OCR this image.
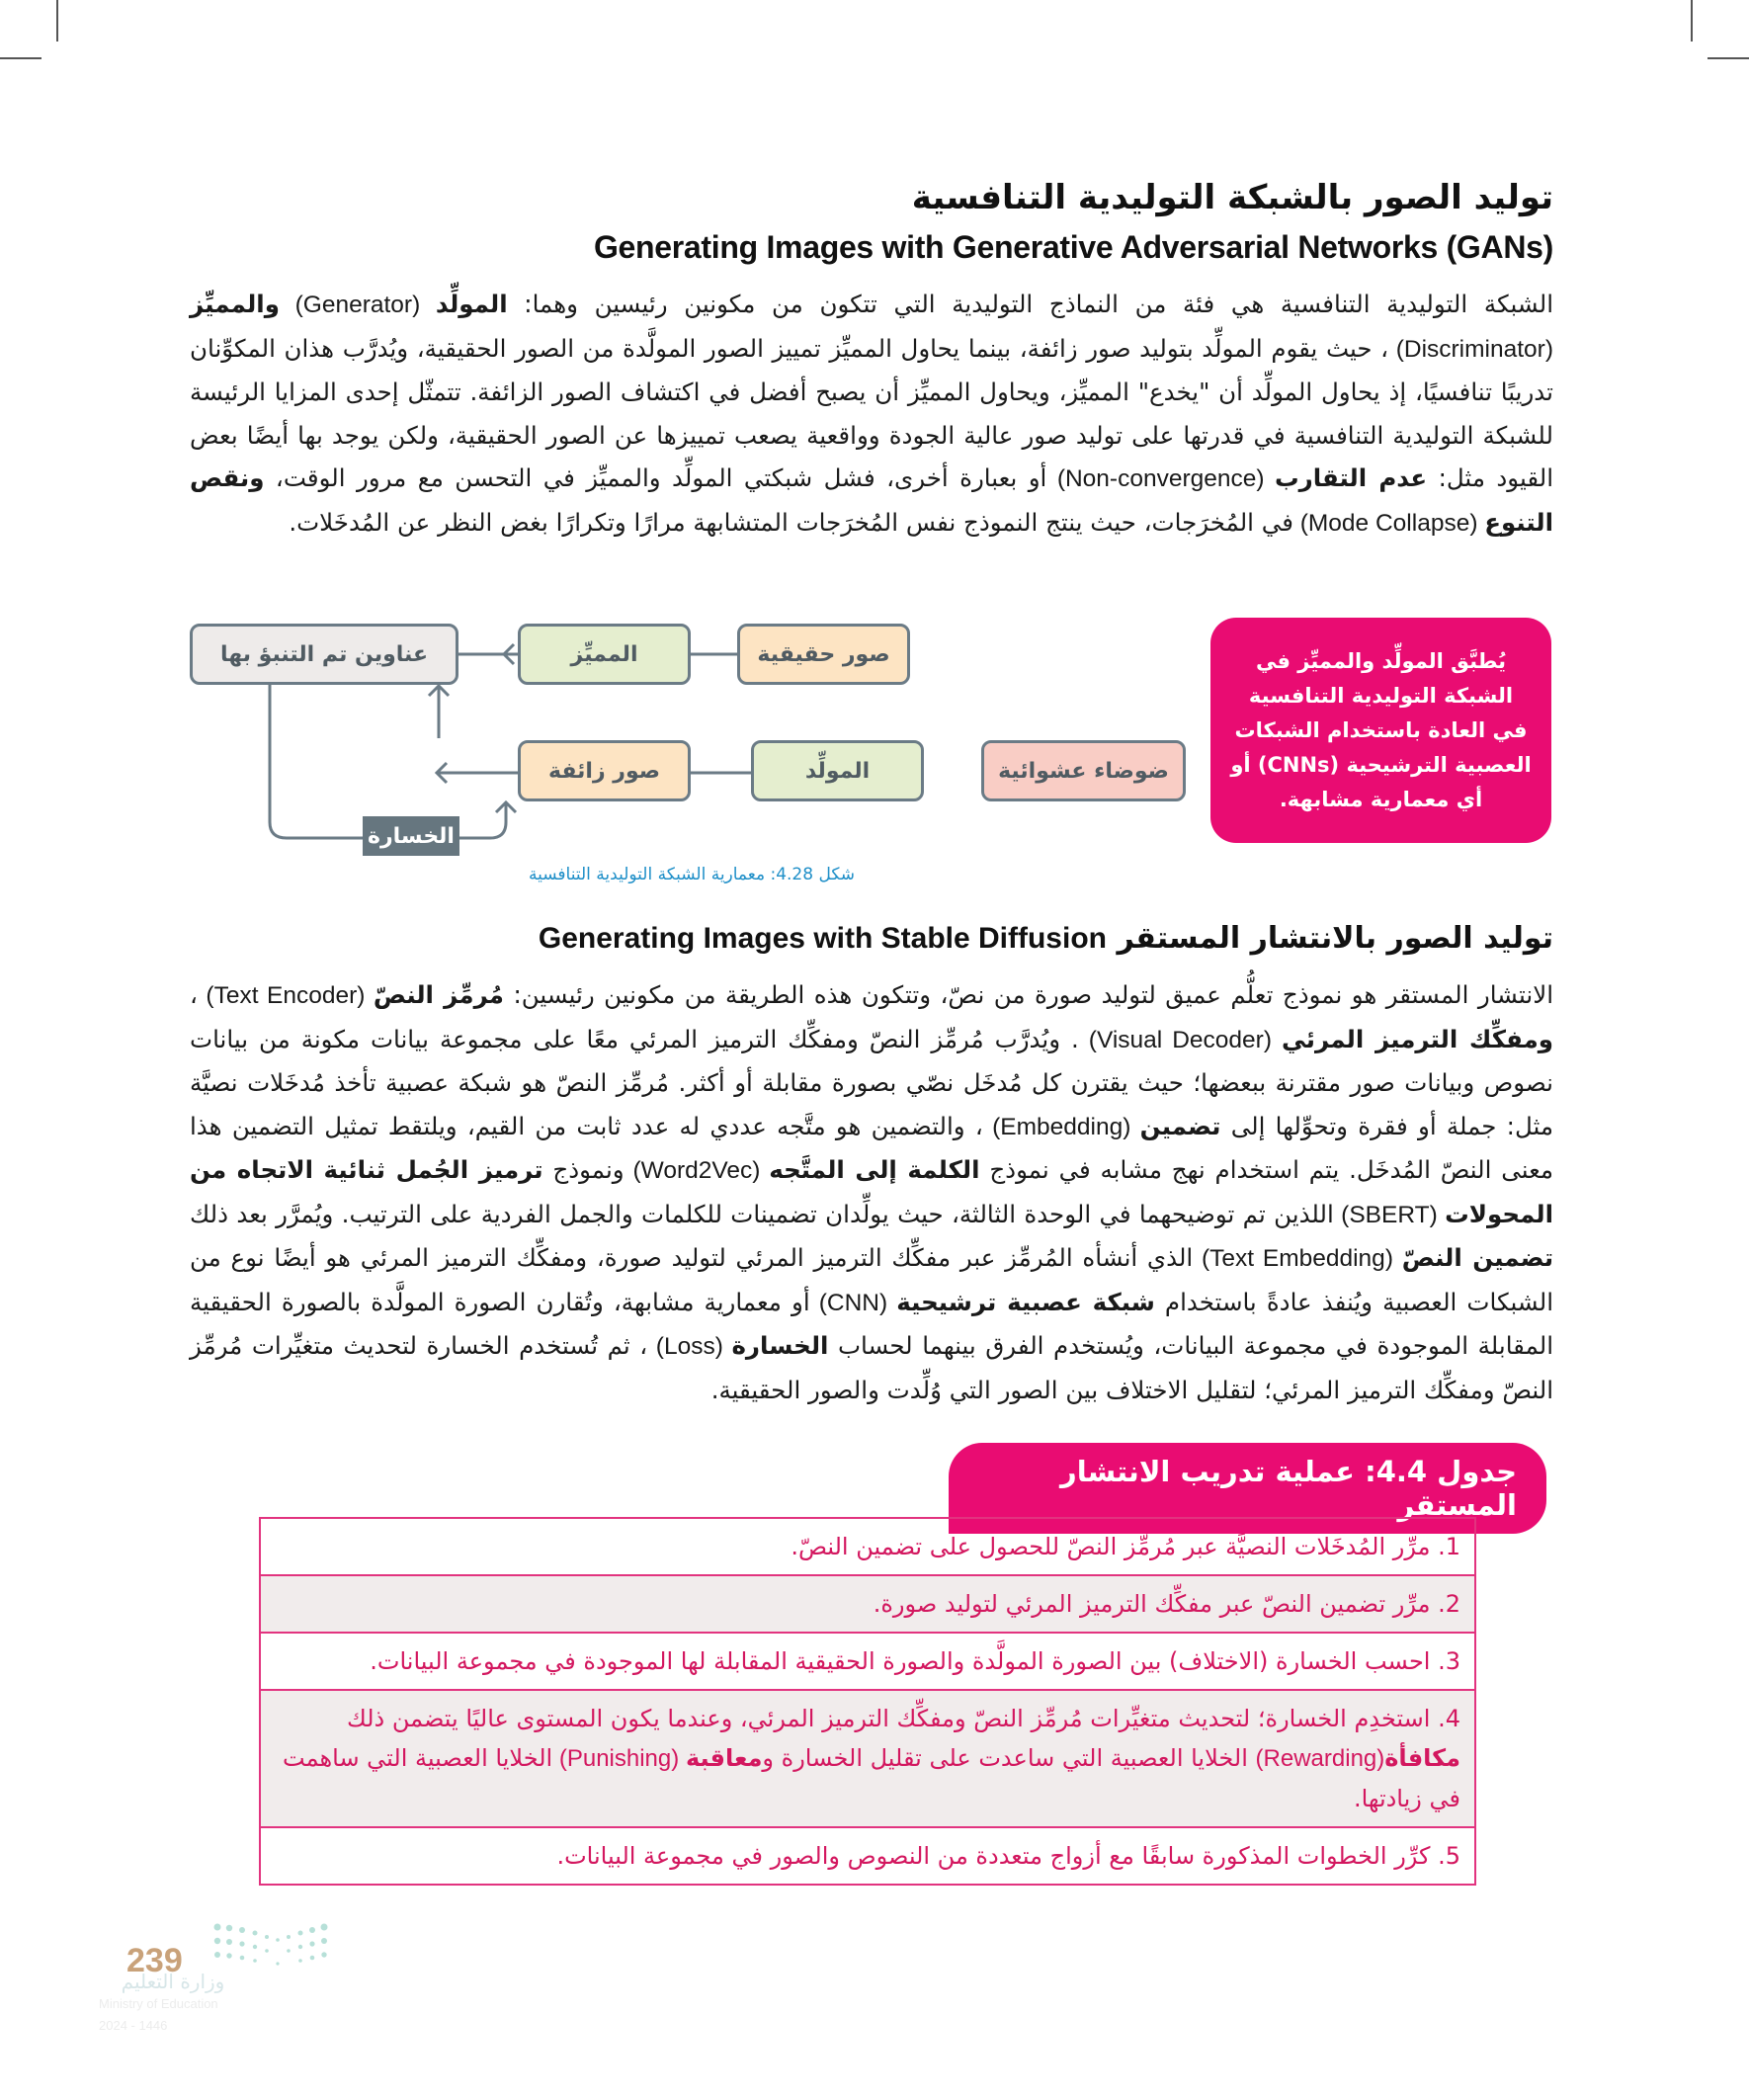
توليد الصور بالشبكة التوليدية التنافسية
Generating Images with Generative Adversarial Networks (GANs)
الشبكة التوليدية التنافسية هي فئة من النماذج التوليدية التي تتكون من مكونين رئيسين وهما: المولِّد (Generator) والمميِّز (Discriminator) ، حيث يقوم المولِّد بتوليد صور زائفة، بينما يحاول المميِّز تمييز الصور المولَّدة من الصور الحقيقية، ويُدرَّب هذان المكوِّنان تدريبًا تنافسيًا، إذ يحاول المولِّد أن "يخدع" المميِّز، ويحاول المميِّز أن يصبح أفضل في اكتشاف الصور الزائفة. تتمثّل إحدى المزايا الرئيسة للشبكة التوليدية التنافسية في قدرتها على توليد صور عالية الجودة وواقعية يصعب تمييزها عن الصور الحقيقية، ولكن يوجد بها أيضًا بعض القيود مثل: عدم التقارب (Non-convergence) أو بعبارة أخرى، فشل شبكتي المولِّد والمميِّز في التحسن مع مرور الوقت، ونقص التنوع (Mode Collapse) في المُخرَجات، حيث ينتج النموذج نفس المُخرَجات المتشابهة مرارًا وتكرارًا بغض النظر عن المُدخَلات.
صور حقيقية
المميِّز
عناوين تم التنبؤ بها
ضوضاء عشوائية
المولِّد
صور زائفة
الخسارة
شكل 4.28: معمارية الشبكة التوليدية التنافسية
يُطبَّق المولِّد والمميِّز في الشبكة التوليدية التنافسية في العادة باستخدام الشبكات العصبية الترشيحية (CNNs) أو أي معمارية مشابهة.
توليد الصور بالانتشار المستقر Generating Images with Stable Diffusion
الانتشار المستقر هو نموذج تعلُّم عميق لتوليد صورة من نصّ، وتتكون هذه الطريقة من مكونين رئيسين: مُرمِّز النصّ (Text Encoder) ، ومفكِّك الترميز المرئي (Visual Decoder) . ويُدرَّب مُرمِّز النصّ ومفكِّك الترميز المرئي معًا على مجموعة بيانات مكونة من بيانات نصوص وبيانات صور مقترنة ببعضها؛ حيث يقترن كل مُدخَل نصّي بصورة مقابلة أو أكثر. مُرمِّز النصّ هو شبكة عصبية تأخذ مُدخَلات نصيَّة مثل: جملة أو فقرة وتحوِّلها إلى تضمين (Embedding) ، والتضمين هو متَّجه عددي له عدد ثابت من القيم، ويلتقط تمثيل التضمين هذا معنى النصّ المُدخَل. يتم استخدام نهج مشابه في نموذج الكلمة إلى المتَّجه (Word2Vec) ونموذج ترميز الجُمل ثنائية الاتجاه من المحولات (SBERT) اللذين تم توضيحهما في الوحدة الثالثة، حيث يولِّدان تضمينات للكلمات والجمل الفردية على الترتيب. ويُمرَّر بعد ذلك تضمين النصّ (Text Embedding) الذي أنشأه المُرمِّز عبر مفكِّك الترميز المرئي لتوليد صورة، ومفكِّك الترميز المرئي هو أيضًا نوع من الشبكات العصبية ويُنفذ عادةً باستخدام شبكة عصبية ترشيحية (CNN) أو معمارية مشابهة، وتُقارن الصورة المولَّدة بالصورة الحقيقية المقابلة الموجودة في مجموعة البيانات، ويُستخدم الفرق بينهما لحساب الخسارة (Loss) ، ثم تُستخدم الخسارة لتحديث متغيِّرات مُرمِّز النصّ ومفكِّك الترميز المرئي؛ لتقليل الاختلاف بين الصور التي وُلِّدت والصور الحقيقية.
جدول 4.4: عملية تدريب الانتشار المستقر
1. مرِّر المُدخَلات النصيَّة عبر مُرمِّز النصّ للحصول على تضمين النصّ.
2. مرِّر تضمين النصّ عبر مفكِّك الترميز المرئي لتوليد صورة.
3. احسب الخسارة (الاختلاف) بين الصورة المولَّدة والصورة الحقيقية المقابلة لها الموجودة في مجموعة البيانات.
4. استخدِم الخسارة؛ لتحديث متغيِّرات مُرمِّز النصّ ومفكِّك الترميز المرئي، وعندما يكون المستوى عاليًا يتضمن ذلك مكافأة(Rewarding) الخلايا العصبية التي ساعدت على تقليل الخسارة ومعاقبة (Punishing) الخلايا العصبية التي ساهمت في زيادتها.
5. كرِّر الخطوات المذكورة سابقًا مع أزواج متعددة من النصوص والصور في مجموعة البيانات.
239
وزارة التعليم
Ministry of Education
2024 - 1446
